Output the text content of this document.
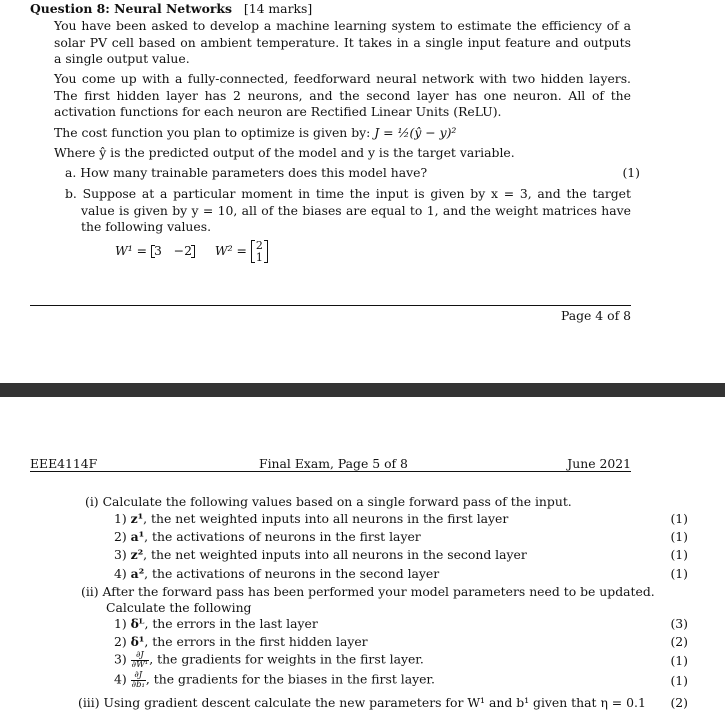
Question 8: Neural Networks [14 marks]
You have been asked to develop a machine learning system to estimate the efficiency of a solar PV cell based on ambient temperature. It takes in a single input feature and outputs a single output value.
You come up with a fully-connected, feedforward neural network with two hidden layers. The first hidden layer has 2 neurons, and the second layer has one neuron. All of the activation functions for each neuron are Rectified Linear Units (ReLU).
The cost function you plan to optimize is given by: J = ½(ŷ − y)²
Where ŷ is the predicted output of the model and y is the target variable.
a. How many trainable parameters does this model have?	(1)
b. Suppose at a particular moment in time the input is given by x = 3, and the target value is given by y = 10, all of the biases are equal to 1, and the weight matrices have the following values.
W¹ = 3   −2 W² = 2
1
Page 4 of 8
EEE4114F	Final Exam, Page 5 of 8	June 2021
(i) Calculate the following values based on a single forward pass of the input.
1) z¹, the net weighted inputs into all neurons in the first layer	(1)
2) a¹, the activations of neurons in the first layer	(1)
3) z², the net weighted inputs into all neurons in the second layer	(1)
4) a², the activations of neurons in the second layer	(1)
(ii) After the forward pass has been performed your model parameters need to be updated.
Calculate the following
1) δᴸ, the errors in the last layer	(3)
2) δ¹, the errors in the first hidden layer	(2)
$3) \frac{\partial J}{\text{∂W¹}}$ , the gradients for weights in the first layer.	(1)
$4) \frac{\partial J}{\text{∂b₁}}$ , the gradients for the biases in the first layer.	(1)
(iii) Using gradient descent calculate the new parameters for W¹ and b¹ given that η = 0.1 (2)
